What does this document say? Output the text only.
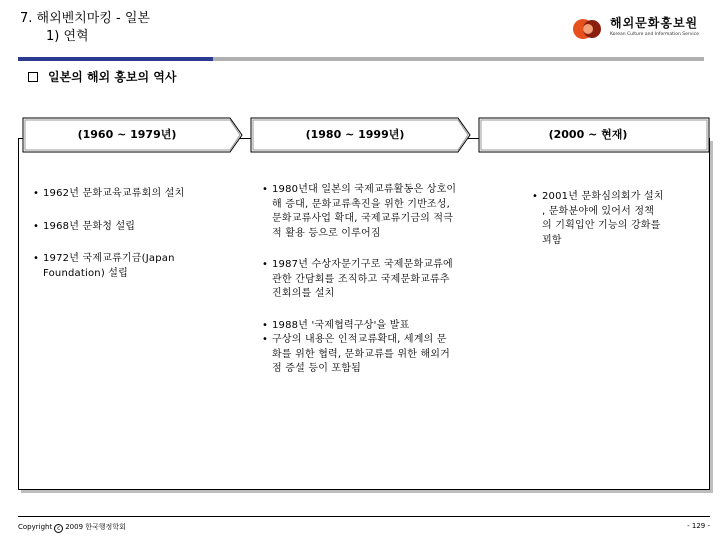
7. 해외벤치마킹 - 일본
1) 연혁
해외문화홍보원
Korean Culture and Information Service
일본의 해외 홍보의 역사
(1960 ~ 1979년)	(1980 ~ 1999년)	(2000 ~ 현재)
• 1962년 문화교육교류회의 설치
• 1968년 문화청 설립
• 1972년 국제교류기금(Japan
Foundation) 설립
• 1980년대 일본의 국제교류활동은 상호이
해 증대, 문화교류촉진을 위한 기반조성,
문화교류사업 확대, 국제교류기금의 적극
적 활용 등으로 이루어짐
• 1987년 수상자문기구로 국제문화교류에
관한 간담회를 조직하고 국제문화교류추
진회의를 설치
• 1988년 '국제협력구상'을 발표
• 구상의 내용은 인적교류확대, 세계의 문
화를 위한 협력, 문화교류를 위한 해외거
점 증설 등이 포함됨
• 2001년 문화심의회가 설치
, 문화분야에 있어서 정책
의 기획입안 기능의 강화를
꾀함
Copyright c 2009 한국행정학회	- 129 -
